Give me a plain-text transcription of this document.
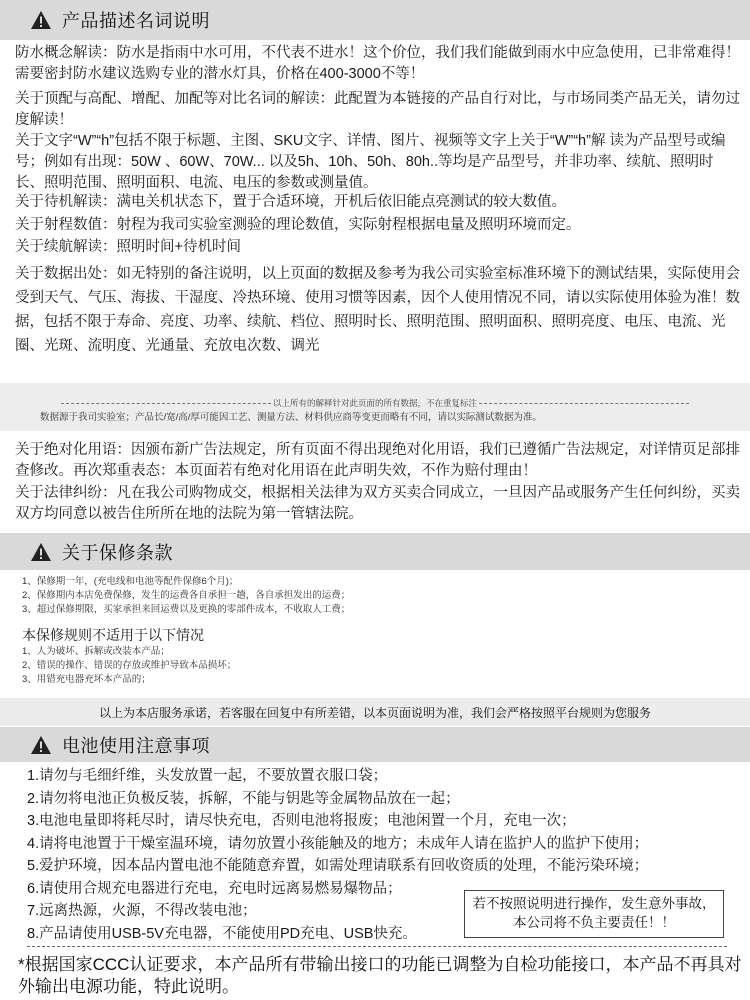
产品描述名词说明

防水概念解读：防水是指雨中水可用，不代表不进水！这个价位，我们我们能做到雨水中应急使用，已非常难得！需要密封防水建议选购专业的潜水灯具，价格在400-3000不等！

关于顶配与高配、增配、加配等对比名词的解读：此配置为本链接的产品自行对比，与市场同类产品无关，请勿过度解读！

关于文字“W”“h”包括不限于标题、主图、SKU文字、详情、图片、视频等文字上关于“W”“h”解 读为产品型号或编号；例如有出现：50W 、60W、70W... 以及5h、10h、50h、80h..等均是产品型号，并非功率、续航、照明时长、照明范围、照明面积、电流、电压的参数或测量值。

关于待机解读：满电关机状态下，置于合适环境，开机后依旧能点亮测试的较大数值。

关于射程数值：射程为我司实验室测验的理论数值，实际射程根据电量及照明环境而定。

关于续航解读：照明时间+待机时间

关于数据出处：如无特别的备注说明，以上页面的数据及参考为我公司实验室标准环境下的测试结果，实际使用会受到天气、气压、海拔、干湿度、冷热环境、使用习惯等因素，因个人使用情况不同，请以实际使用体验为准！数据，包括不限于寿命、亮度、功率、续航、档位、照明时长、照明范围、照明面积、照明亮度、电压、电流、光圈、光斑、流明度、光通量、充放电次数、调光

以上所有的解释针对此页面的所有数据，不在重复标注
数据源于我司实验室；产品长/宽/高/厚可能因工艺、测量方法、材料供应商等变更而略有不同，请以实际测试数据为准。

关于绝对化用语：因颁布新广告法规定，所有页面不得出现绝对化用语，我们已遵循广告法规定，对详情页足部排查修改。再次郑重表态：本页面若有绝对化用语在此声明失效，不作为赔付理由！

关于法律纠纷：凡在我公司购物成交，根据相关法律为双方买卖合同成立，一旦因产品或服务产生任何纠纷，买卖双方均同意以被告住所所在地的法院为第一管辖法院。

关于保修条款
1、保修期一年，(充电线和电池等配件保修6个月)；
2、保修期内本店免费保修，发生的运费各自承担一趟，各自承担发出的运费；
3、超过保修期限，买家承担来回运费以及更换的零部件成本，不收取人工费；
本保修规则不适用于以下情况
1、人为破坏、拆解或改装本产品；
2、错误的操作、错误的存放或维护导致本品损坏；
3、用错充电器充坏本产品的；
以上为本店服务承诺，若客服在回复中有所差错，以本页面说明为准，我们会严格按照平台规则为您服务
电池使用注意事项
1.请勿与毛细纤维，头发放置一起，不要放置衣服口袋；
2.请勿将电池正负极反装，拆解，不能与钥匙等金属物品放在一起；
3.电池电量即将耗尽时，请尽快充电，否则电池将报废；电池闲置一个月，充电一次；
4.请将电池置于干燥室温环境，请勿放置小孩能触及的地方；未成年人请在监护人的监护下使用；
5.爱护环境，因本品内置电池不能随意弃置，如需处理请联系有回收资质的处理，不能污染环境；
6.请使用合规充电器进行充电，充电时远离易燃易爆物品；
7.远离热源，火源，不得改装电池；
8.产品请使用USB-5V充电器，不能使用PD充电、USB快充。
若不按照说明进行操作，发生意外事故，本公司将不负主要责任！！
*根据国家CCC认证要求，本产品所有带输出接口的功能已调整为自检功能接口，本产品不再具对外输出电源功能，特此说明。
